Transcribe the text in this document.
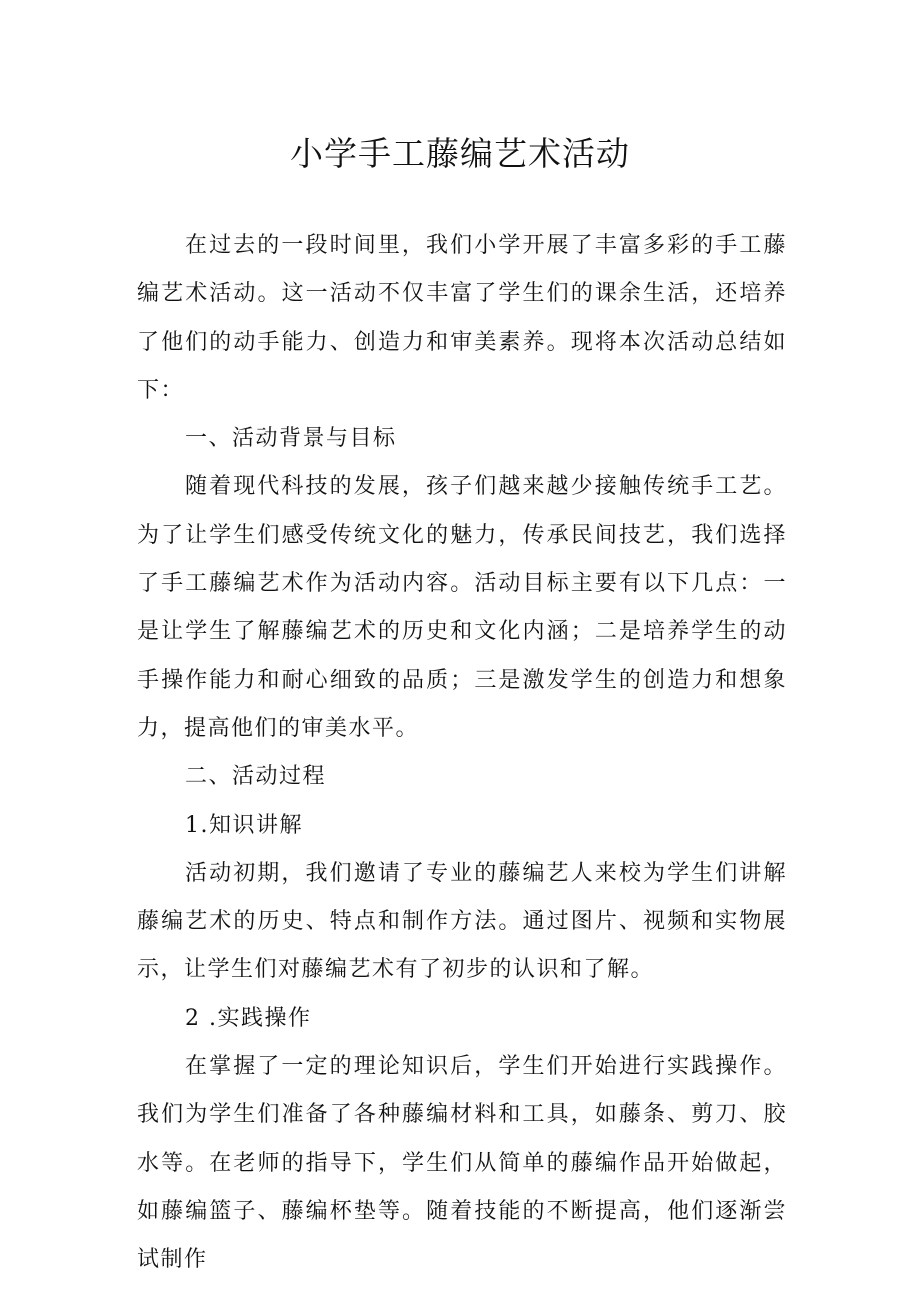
小学手工藤编艺术活动

在过去的一段时间里，我们小学开展了丰富多彩的手工藤编艺术活动。这一活动不仅丰富了学生们的课余生活，还培养了他们的动手能力、创造力和审美素养。现将本次活动总结如下：

一、活动背景与目标

随着现代科技的发展，孩子们越来越少接触传统手工艺。为了让学生们感受传统文化的魅力，传承民间技艺，我们选择了手工藤编艺术作为活动内容。活动目标主要有以下几点：一是让学生了解藤编艺术的历史和文化内涵；二是培养学生的动手操作能力和耐心细致的品质；三是激发学生的创造力和想象力，提高他们的审美水平。

二、活动过程

1.知识讲解

活动初期，我们邀请了专业的藤编艺人来校为学生们讲解藤编艺术的历史、特点和制作方法。通过图片、视频和实物展示，让学生们对藤编艺术有了初步的认识和了解。

2 .实践操作

在掌握了一定的理论知识后，学生们开始进行实践操作。我们为学生们准备了各种藤编材料和工具，如藤条、剪刀、胶水等。在老师的指导下，学生们从简单的藤编作品开始做起，如藤编篮子、藤编杯垫等。随着技能的不断提高，他们逐渐尝试制作
